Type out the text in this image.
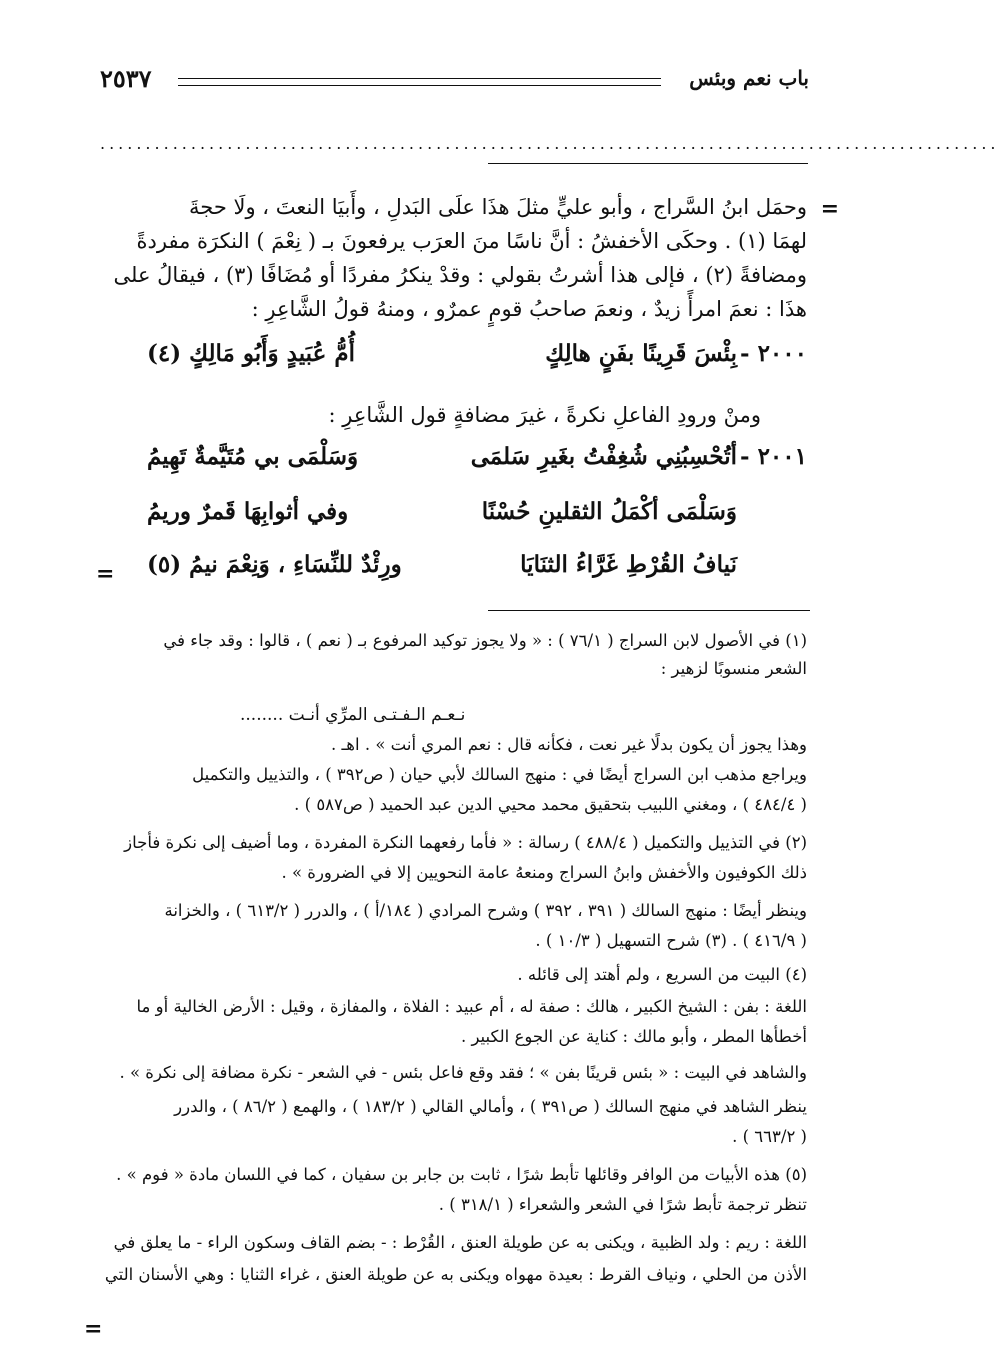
باب نعم وبئس
٢٥٣٧
...................................................................................................
=
=
=
وحمَل ابنُ السَّراج ، وأبو عليٍّ مثلَ هذَا علَى البَدلِ ، وأَبيَا النعتَ ، ولَا حجةَ
لهمَا (١) . وحكَى الأخفشُ : أنَّ ناسًا منَ العرَب يرفعونَ بـ ( نِعْمَ ) النكرَة مفردةً
ومضافةً (٢) ، فإلى هذا أشرتُ بقولي : وقدْ ينكرُ مفردًا أو مُضَافًا (٣) ، فيقالُ على
هذَا : نعمَ امرأً زيدٌ ، ونعمَ صاحبُ قومٍ عمرٌو ، ومنهُ قولُ الشَّاعِرِ :
٢٠٠٠ -
بِئْسَ قَرِينًا بفَنٍ هالِكٍ
أُمُّ عُبَيدٍ وَأَبُو مَالِكٍ (٤)
ومنْ ورودِ الفاعلِ نكرةً ، غيرَ مضافةٍ قول الشَّاعِرِ :
٢٠٠١ -
أتُحْسِبُنِي شُغِفْتُ بغَيرِ سَلمَى
وَسَلْمَى بي مُتَيَّمةٌ تَهِيمُ
وَسَلْمَى أكْمَلُ الثقلينِ حُسْنًا
وفي أثوابِهَا قَمرٌ وريمُ
نَيافُ القُرْطِ غَرَّاءُ الثنَايَا
ورِئْدٌ للنِّسَاءِ ، وَنِعْمَ نيمُ (٥)
(١) في الأصول لابن السراج ( ٧٦/١ ) : « ولا يجوز توكيد المرفوع بـ ( نعم ) ، قالوا : وقد جاء في
الشعر منسوبًا لزهير :
نـعـم الـفـتـى المرِّي أنـت ........
وهذا يجوز أن يكون بدلًا غير نعت ، فكأنه قال : نعم المري أنت » . اهـ .
ويراجع مذهب ابن السراج أيضًا في : منهج السالك لأبي حيان ( ص٣٩٢ ) ، والتذييل والتكميل
( ٤٨٤/٤ ) ، ومغني اللبيب بتحقيق محمد محيي الدين عبد الحميد ( ص٥٨٧ ) .
(٢) في التذييل والتكميل ( ٤٨٨/٤ ) رسالة : « فأما رفعهما النكرة المفردة ، وما أضيف إلى نكرة فأجاز
ذلك الكوفيون والأخفش وابنُ السراج ومنعهُ عامة النحويين إلا في الضرورة » .
وينظر أيضًا : منهج السالك ( ٣٩١ ، ٣٩٢ ) وشرح المرادي ( ١٨٤/أ ) ، والدرر ( ٦١٣/٢ ) ، والخزانة
( ٤١٦/٩ ) . (٣) شرح التسهيل ( ١٠/٣ ) .
(٤) البيت من السريع ، ولم أهتد إلى قائله .
اللغة : بفن : الشيخ الكبير ، هالك : صفة له ، أم عبيد : الفلاة ، والمفازة ، وقيل : الأرض الخالية أو ما
أخطأها المطر ، وأبو مالك : كناية عن الجوع الكبير .
والشاهد في البيت : « بئس قرينًا بفن » ؛ فقد وقع فاعل بئس - في الشعر - نكرة مضافة إلى نكرة » .
ينظر الشاهد في منهج السالك ( ص٣٩١ ) ، وأمالي القالي ( ١٨٣/٢ ) ، والهمع ( ٨٦/٢ ) ، والدرر
( ٦٦٣/٢ ) .
(٥) هذه الأبيات من الوافر وقائلها تأبط شرًا ، ثابت بن جابر بن سفيان ، كما في اللسان مادة « فوم » .
تنظر ترجمة تأبط شرًا في الشعر والشعراء ( ٣١٨/١ ) .
اللغة : ريم : ولد الظبية ، ويكنى به عن طويلة العنق ، القُرْط : - بضم القاف وسكون الراء - ما يعلق في
الأذن من الحلي ، ونياف القرط : بعيدة مهواه ويكنى به عن طويلة العنق ، غراء الثنايا : وهي الأسنان التي
